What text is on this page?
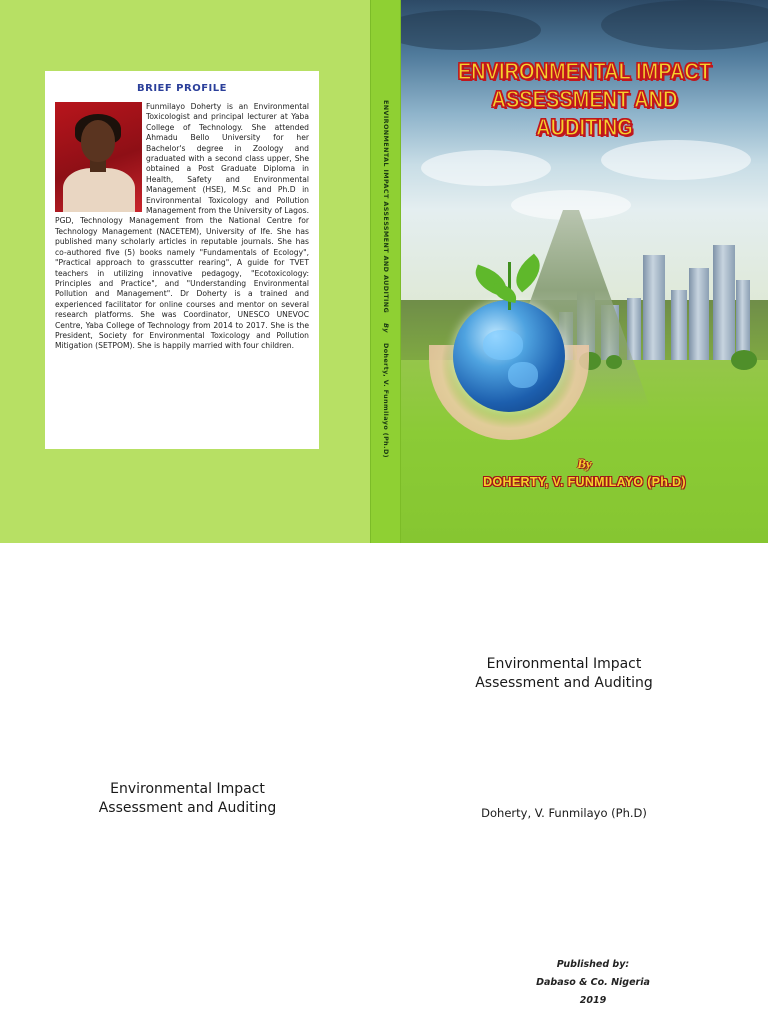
BRIEF PROFILE

Funmilayo Doherty is an Environmental Toxicologist and principal lecturer at Yaba College of Technology. She attended Ahmadu Bello University for her Bachelor's degree in Zoology and graduated with a second class upper, She obtained a Post Graduate Diploma in Health, Safety and Environmental Management (HSE), M.Sc and Ph.D in Environmental Toxicology and Pollution Management from the University of Lagos. PGD, Technology Management from the National Centre for Technology Management (NACETEM), University of Ife. She has published many scholarly articles in reputable journals. She has co-authored five (5) books namely "Fundamentals of Ecology", "Practical approach to grasscutter rearing", A guide for TVET teachers in utilizing innovative pedagogy, "Ecotoxicology: Principles and Practice", and "Understanding Environmental Pollution and Management". Dr Doherty is a trained and experienced facilitator for online courses and mentor on several research platforms. She was Coordinator, UNESCO UNEVOC Centre, Yaba College of Technology from 2014 to 2017. She is the President, Society for Environmental Toxicology and Pollution Mitigation (SETPOM). She is happily married with four children.

ENVIRONMENTAL IMPACT ASSESSMENT AND AUDITING
By
Doherty, V. Funmilayo (Ph.D)
ENVIRONMENTAL IMPACT
ASSESSMENT AND
AUDITING
By
DOHERTY, V. FUNMILAYO (Ph.D)

Environmental Impact
Assessment and Auditing

Environmental Impact
Assessment and Auditing	Doherty, V. Funmilayo (Ph.D)
Published by:
Dabaso & Co. Nigeria
2019
